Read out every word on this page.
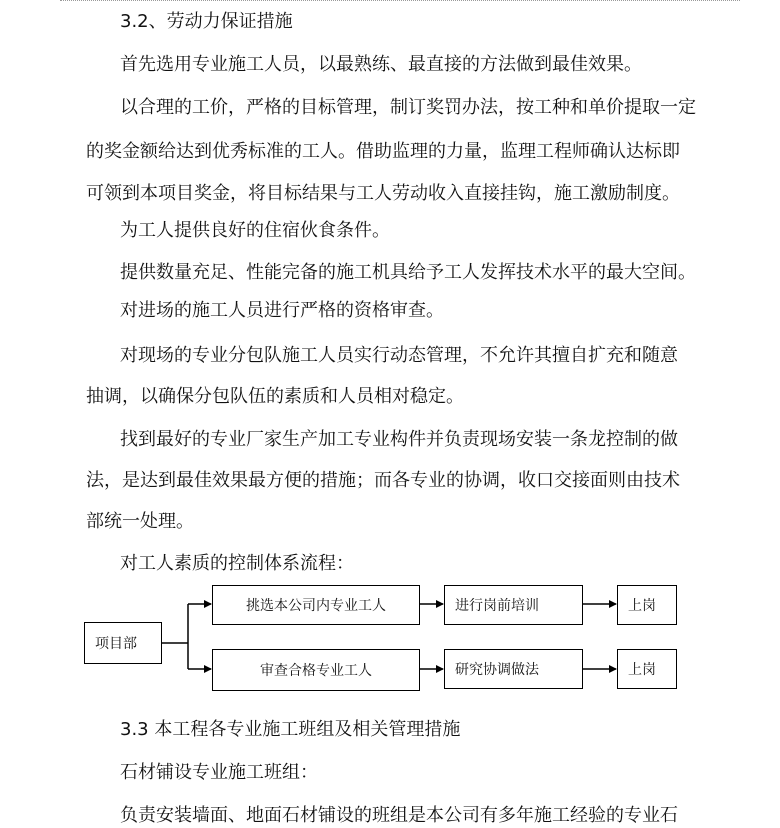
3.2、劳动力保证措施
首先选用专业施工人员，以最熟练、最直接的方法做到最佳效果。
以合理的工价，严格的目标管理，制订奖罚办法，按工种和单价提取一定
的奖金额给达到优秀标准的工人。借助监理的力量，监理工程师确认达标即
可领到本项目奖金，将目标结果与工人劳动收入直接挂钩，施工激励制度。
为工人提供良好的住宿伙食条件。
提供数量充足、性能完备的施工机具给予工人发挥技术水平的最大空间。
对进场的施工人员进行严格的资格审查。
对现场的专业分包队施工人员实行动态管理，不允许其擅自扩充和随意
抽调，以确保分包队伍的素质和人员相对稳定。
找到最好的专业厂家生产加工专业构件并负责现场安装一条龙控制的做
法，是达到最佳效果最方便的措施；而各专业的协调，收口交接面则由技术
部统一处理。
对工人素质的控制体系流程：
项目部
挑选本公司内专业工人	进行岗前培训	上岗
审查合格专业工人	研究协调做法	上岗
3.3 本工程各专业施工班组及相关管理措施
石材铺设专业施工班组：
负责安装墙面、地面石材铺设的班组是本公司有多年施工经验的专业石
